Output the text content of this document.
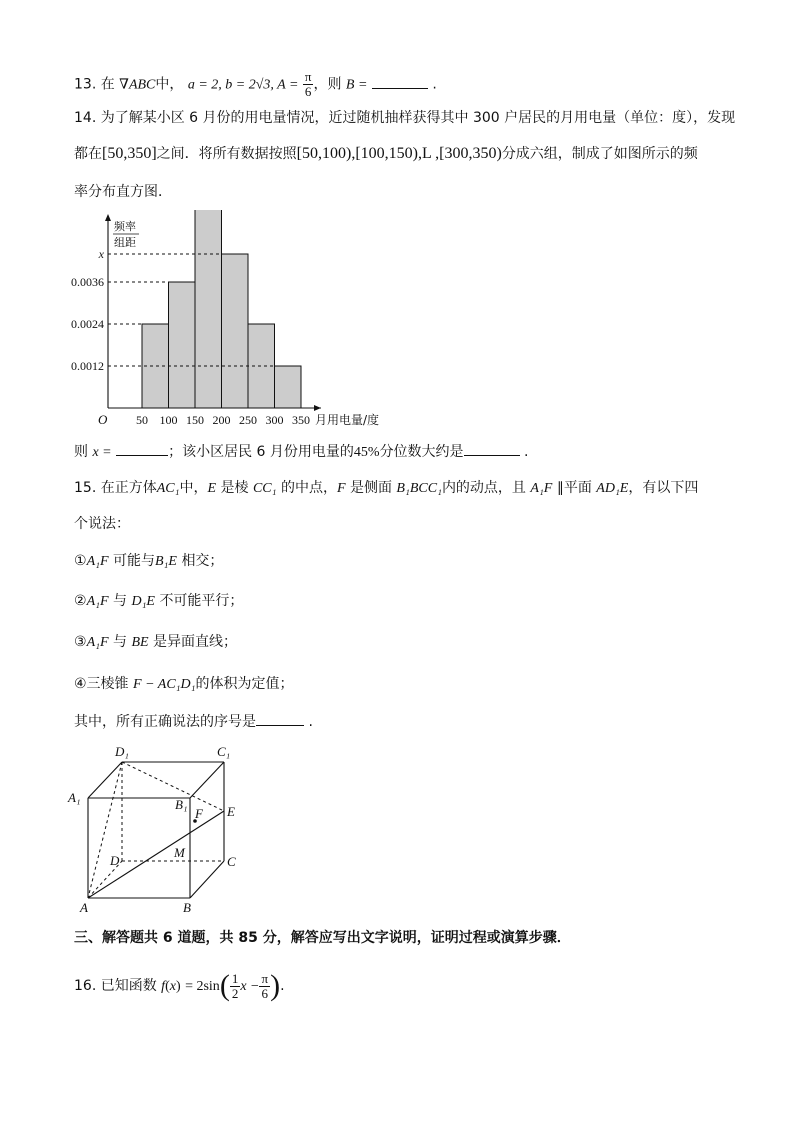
13. 在 ∇ABC中， a = 2, b = 2√3, $A = \frac{\pi}{6}$ ，则 B =	.
14. 为了解某小区 6 月份的用电量情况，近过随机抽样获得其中 300 户居民的月用电量（单位：度），发现
都在[50,350]之间．将所有数据按照[50,100),[100,150),L ,[300,350)分成六组，制成了如图所示的频
率分布直方图．
0.0012
0.0024
0.0036
x
50 100 150 200 250 300 350
O	月用电量/度
频率
组距
则 x =	；该小区居民 6 月份用电量的45%分位数大约是	.
15. 在正方体AC₁中，E 是棱 CC₁ 的中点，F 是侧面 B₁BCC₁内的动点，且 A₁F ∥平面 AD₁E，有以下四
个说法：
①A₁F 可能与B₁E 相交；
②A₁F 与 D₁E 不可能平行；
③A₁F 与 BE 是异面直线；
④三棱锥 F − AC₁D₁的体积为定值；
其中，所有正确说法的序号是	.
D₁	C₁
A₁	B₁
F E
D
M
C
A	B
三、解答题共 6 道题，共 85 分，解答应写出文字说明，证明过程或演算步骤．
16. 已知函数 $f(x) = 2\sin( \frac{1}{2}$ $x - \frac{\pi}{6}$ ).
